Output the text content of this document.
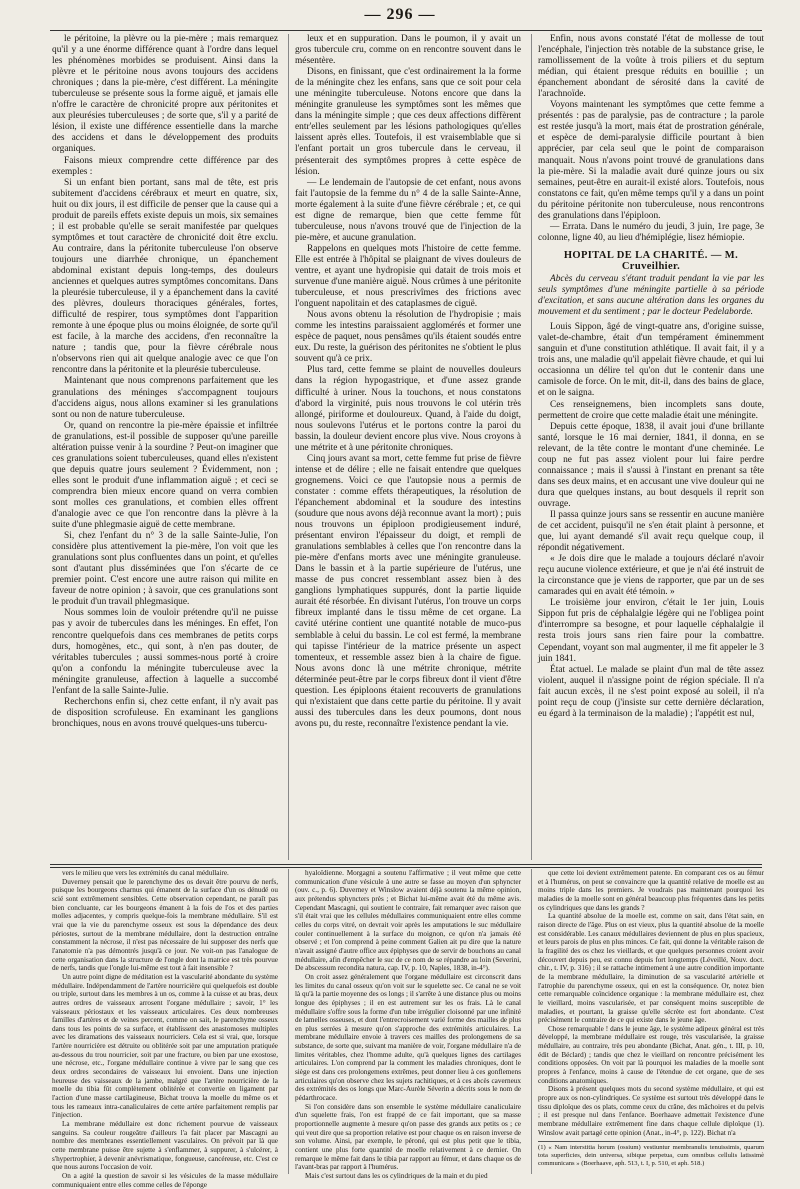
— 296 —

le péritoine, la plèvre ou la pie-mère ; mais remarquez qu'il y a une énorme différence quant à l'ordre dans lequel les phénomènes morbides se produisent. Ainsi dans la plèvre et le péritoine nous avons toujours des accidens chroniques ; dans la pie-mère, c'est différent. La méningite tuberculeuse se présente sous la forme aiguë, et jamais elle n'offre le caractère de chronicité propre aux péritonites et aux pleurésies tuberculeuses ; de sorte que, s'il y a parité de lésion, il existe une différence essentielle dans la marche des accidens et dans le développement des produits organiques.

Faisons mieux comprendre cette différence par des exemples :

Si un enfant bien portant, sans mal de tête, est pris subitement d'accidens cérébraux et meurt en quatre, six, huit ou dix jours, il est difficile de penser que la cause qui a produit de pareils effets existe depuis un mois, six semaines ; il est probable qu'elle se serait manifestée par quelques symptômes et tout caractère de chronicité doit être exclu. Au contraire, dans la péritonite tuberculeuse l'on observe toujours une diarrhée chronique, un épanchement abdominal existant depuis long-temps, des douleurs anciennes et quelques autres symptômes concomitans. Dans la pleurésie tuberculeuse, il y a épanchement dans la cavité des plèvres, douleurs thoraciques générales, fortes, difficulté de respirer, tous symptômes dont l'apparition remonte à une époque plus ou moins éloignée, de sorte qu'il est facile, à la marche des accidens, d'en reconnaître la nature ; tandis que, pour la fièvre cérébrale nous n'observons rien qui ait quelque analogie avec ce que l'on rencontre dans la péritonite et la pleurésie tuberculeuse.

Maintenant que nous comprenons parfaitement que les granulations des méninges s'accompagnent toujours d'accidens aigus, nous allons examiner si les granulations sont ou non de nature tuberculeuse.

Or, quand on rencontre la pie-mère épaissie et infiltrée de granulations, est-il possible de supposer qu'une pareille altération puisse venir à la sourdine ? Peut-on imaginer que ces granulations soient tuberculeuses, quand elles n'existent que depuis quatre jours seulement ? Évidemment, non ; elles sont le produit d'une inflammation aiguë ; et ceci se comprendra bien mieux encore quand on verra combien sont molles ces granulations, et combien elles offrent d'analogie avec ce que l'on rencontre dans la plèvre à la suite d'une phlegmasie aiguë de cette membrane.

Si, chez l'enfant du n° 3 de la salle Sainte-Julie, l'on considère plus attentivement la pie-mère, l'on voit que les granulations sont plus confluentes dans un point, et qu'elles sont d'autant plus disséminées que l'on s'écarte de ce premier point. C'est encore une autre raison qui milite en faveur de notre opinion ; à savoir, que ces granulations sont le produit d'un travail phlegmasique.

Nous sommes loin de vouloir prétendre qu'il ne puisse pas y avoir de tubercules dans les méninges. En effet, l'on rencontre quelquefois dans ces membranes de petits corps durs, homogènes, etc., qui sont, à n'en pas douter, de véritables tubercules ; aussi sommes-nous porté à croire qu'on a confondu la méningite tuberculeuse avec la méningite granuleuse, affection à laquelle a succombé l'enfant de la salle Sainte-Julie.

Recherchons enfin si, chez cette enfant, il n'y avait pas de disposition scrofuleuse. En examinant les ganglions bronchiques, nous en avons trouvé quelques-uns tubercu-

leux et en suppuration. Dans le poumon, il y avait un gros tubercule cru, comme on en rencontre souvent dans le mésentère.

Disons, en finissant, que c'est ordinairement la la forme de la méningite chez les enfans, sans que ce soit pour cela une méningite tuberculeuse. Notons encore que dans la méningite granuleuse les symptômes sont les mêmes que dans la méningite simple ; que ces deux affections diffèrent entr'elles seulement par les lésions pathologiques qu'elles laissent après elles. Toutefois, il est vraisemblable que si l'enfant portait un gros tubercule dans le cerveau, il présenterait des symptômes propres à cette espèce de lésion.

— Le lendemain de l'autopsie de cet enfant, nous avons fait l'autopsie de la femme du n° 4 de la salle Sainte-Anne, morte également à la suite d'une fièvre cérébrale ; et, ce qui est digne de remarque, bien que cette femme fût tuberculeuse, nous n'avons trouvé que de l'injection de la pie-mère, et aucune granulation.

Rappelons en quelques mots l'histoire de cette femme. Elle est entrée à l'hôpital se plaignant de vives douleurs de ventre, et ayant une hydropisie qui datait de trois mois et survenue d'une manière aiguë. Nous crûmes à une péritonite tuberculeuse, et nous prescrivîmes des frictions avec l'onguent napolitain et des cataplasmes de ciguë.

Nous avons obtenu la résolution de l'hydropisie ; mais comme les intestins paraissaient agglomérés et former une espèce de paquet, nous pensâmes qu'ils étaient soudés entre eux. Du reste, la guérison des péritonites ne s'obtient le plus souvent qu'à ce prix.

Plus tard, cette femme se plaint de nouvelles douleurs dans la région hypogastrique, et d'une assez grande difficulté à uriner. Nous la touchons, et nous constatons d'abord la virginité, puis nous trouvons le col utérin très allongé, piriforme et douloureux. Quand, à l'aide du doigt, nous soulevons l'utérus et le portons contre la paroi du bassin, la douleur devient encore plus vive. Nous croyons à une métrite et à une péritonite chroniques.

Cinq jours avant sa mort, cette femme fut prise de fièvre intense et de délire ; elle ne faisait entendre que quelques grognemens. Voici ce que l'autopsie nous a permis de constater : comme effets thérapeutiques, la résolution de l'épanchement abdominal et la soudure des intestins (soudure que nous avons déjà reconnue avant la mort) ; puis nous trouvons un épiploon prodigieusement induré, présentant environ l'épaisseur du doigt, et rempli de granulations semblables à celles que l'on rencontre dans la pie-mère d'enfans morts avec une méningite granuleuse. Dans le bassin et à la partie supérieure de l'utérus, une masse de pus concret ressemblant assez bien à des ganglions lymphatiques suppurés, dont la partie liquide aurait été résorbée. En divisant l'utérus, l'on trouve un corps fibreux implanté dans le tissu même de cet organe. La cavité utérine contient une quantité notable de muco-pus semblable à celui du bassin. Le col est fermé, la membrane qui tapisse l'intérieur de la matrice présente un aspect tomenteux, et ressemble assez bien à la chaire de figue. Nous avons donc là une métrite chronique, métrite déterminée peut-être par le corps fibreux dont il vient d'être question. Les épiploons étaient recouverts de granulations qui n'existaient que dans cette partie du péritoine. Il y avait aussi des tubercules dans les deux poumons, dont nous avons pu, du reste, reconnaître l'existence pendant la vie.

Enfin, nous avons constaté l'état de mollesse de tout l'encéphale, l'injection très notable de la substance grise, le ramollissement de la voûte à trois piliers et du septum médian, qui étaient presque réduits en bouillie ; un épanchement abondant de sérosité dans la cavité de l'arachnoïde.

Voyons maintenant les symptômes que cette femme a présentés : pas de paralysie, pas de contracture ; la parole est restée jusqu'à la mort, mais état de prostration générale, et espèce de demi-paralysie difficile pourtant à bien apprécier, par cela seul que le point de comparaison manquait. Nous n'avons point trouvé de granulations dans la pie-mère. Si la maladie avait duré quinze jours ou six semaines, peut-être en aurait-il existé alors. Toutefois, nous constatons ce fait, qu'en même temps qu'il y a dans un point du péritoine péritonite non tuberculeuse, nous rencontrons des granulations dans l'épiploon.

— Errata. Dans le numéro du jeudi, 3 juin, 1re page, 3e colonne, ligne 40, au lieu d'hémiplégie, lisez hémiopie.

HOPITAL DE LA CHARITÉ. — M. Cruveilhier.

Abcès du cerveau s'étant traduit pendant la vie par les seuls symptômes d'une méningite partielle à sa période d'excitation, et sans aucune altération dans les organes du mouvement et du sentiment ; par le docteur Pedelaborde.

Louis Sippon, âgé de vingt-quatre ans, d'origine suisse, valet-de-chambre, était d'un tempérament éminemment sanguin et d'une constitution athlétique. Il avait fait, il y a trois ans, une maladie qu'il appelait fièvre chaude, et qui lui occasionna un délire tel qu'on dut le contenir dans une camisole de force. On le mit, dit-il, dans des bains de glace, et on le saigna.

Ces renseignemens, bien incomplets sans doute, permettent de croire que cette maladie était une méningite.

Depuis cette époque, 1838, il avait joui d'une brillante santé, lorsque le 16 mai dernier, 1841, il donna, en se relevant, de la tête contre le montant d'une cheminée. Le coup ne fut pas assez violent pour lui faire perdre connaissance ; mais il s'aussi à l'instant en prenant sa tête dans ses deux mains, et en accusant une vive douleur qui ne dura que quelques instans, au bout desquels il reprit son ouvrage.

Il passa quinze jours sans se ressentir en aucune manière de cet accident, puisqu'il ne s'en était plaint à personne, et que, lui ayant demandé s'il avait reçu quelque coup, il répondit négativement.

« Je dois dire que le malade a toujours déclaré n'avoir reçu aucune violence extérieure, et que je n'ai été instruit de la circonstance que je viens de rapporter, que par un de ses camarades qui en avait été témoin. »

Le troisième jour environ, c'était le 1er juin, Louis Sippon fut pris de céphalalgie légère qui ne l'obligea point d'interrompre sa besogne, et pour laquelle céphalalgie il resta trois jours sans rien faire pour la combattre. Cependant, voyant son mal augmenter, il me fit appeler le 3 juin 1841.

État actuel. Le malade se plaint d'un mal de tête assez violent, auquel il n'assigne point de région spéciale. Il n'a fait aucun excès, il ne s'est point exposé au soleil, il n'a point reçu de coup (j'insiste sur cette dernière déclaration, eu égard à la terminaison de la maladie) ; l'appétit est nul,

vers le milieu que vers les extrémités du canal médullaire.

Duverney pensait que le parenchyme des os devait être pourvu de nerfs, puisque les bourgeons charnus qui émanent de la surface d'un os dénudé ou scié sont extrêmement sensibles. Cette observation cependant, ne paraît pas bien concluante, car les bourgeons émanent à la fois de l'os et des parties molles adjacentes, y compris quelque-fois la membrane médullaire. S'il est vrai que la vie du parenchyme osseux est sous la dépendance des deux périostes, surtout de la membrane médullaire, dont la destruction entraîne constamment la nécrose, il n'est pas nécessaire de lui supposer des nerfs que l'anatomie n'a pas démontrés jusqu'à ce jour. Ne voit-on pas l'analogue de cette organisation dans la structure de l'ongle dont la matrice est très pourvue de nerfs, tandis que l'ongle lui-même est tout à fait insensible ?

Un autre point digne de méditation est la vascularité abondante du système médullaire. Indépendamment de l'artère nourricière qui quelquefois est double ou triple, surtout dans les membres à un os, comme à la cuisse et au bras, deux autres ordres de vaisseaux arrosent l'organe médullaire ; savoir, 1° les vaisseaux périostaux et les vaisseaux articulaires. Ces deux nombreuses familles d'artères et de veines percent, comme on sait, le parenchyme osseux dans tous les points de sa surface, et établissent des anastomoses multiples avec les diramations des vaisseaux nourriciers. Cela est si vrai, que, lorsque l'artère nourricière est détruite ou oblitérée soit par une amputation pratiquée au-dessous du trou nourricier, soit par une fracture, ou bien par une exostose, une nécrose, etc., l'organe médullaire continue à vivre par le sang que ces deux ordres secondaires de vaisseaux lui envoient. Dans une injection heureuse des vaisseaux de la jambe, malgré que l'artère nourricière de la moelle du tibia fût complètement oblitérée et convertie en ligament par l'action d'une masse cartilagineuse, Bichat trouva la moelle du même os et tous les rameaux intra-canaliculaires de cette artère parfaitement remplis par l'injection.

La membrane médullaire est donc richement pourvue de vaisseaux sanguins. Sa couleur rougeâtre d'ailleurs l'a fait placer par Mascagni au nombre des membranes essentiellement vasculaires. On prévoit par là que cette membrane puisse être sujette à s'enflammer, à suppurer, à s'ulcérer, à s'hypertrophier, à devenir anévrismatique, fongueuse, cancéreuse, etc. C'est ce que nous aurons l'occasion de voir.

On a agité la question de savoir si les vésicules de la masse médullaire communiquaient entre elles comme celles de l'éponge

hyaloïdienne. Morgagni a soutenu l'affirmative ; il veut même que cette communication d'une vésicule à une autre se fasse au moyen d'un sphyncter (ouv. c., p. 6). Duverney et Winslow avaient déjà soutenu la même opinion, aux prétendus sphyncters près ; et Bichat lui-même avait été du même avis. Cependant Mascagni, qui soutient le contraire, fait remarquer avec raison que s'il était vrai que les cellules médullaires communiquaient entre elles comme celles du corps vitré, on devrait voir après les amputations le suc médullaire couler continuellement à la surface du moignon, ce qu'on n'a jamais été observé ; et l'on comprend à peine comment Galien ait pu dire que la nature n'avait assigné d'autre office aux épiphyses que de servir de bouchons au canal médullaire, afin d'empêcher le suc de ce nom de se répandre au loin (Severini, De abscessum recondita natura, cap. IV, p. 10, Naples, 1838, in-4°).

On croit assez généralement que l'organe médullaire est circonscrit dans les limites du canal osseux qu'on voit sur le squelette sec. Ce canal ne se voit là qu'à la partie moyenne des os longs ; il s'arrête à une distance plus ou moins longue des épiphyses ; il en est autrement sur les os frais. Là le canal médullaire s'offre sous la forme d'un tube irrégulier cloisonné par une infinité de lamelles osseuses, et dont l'entrecroisement varié forme des mailles de plus en plus serrées à mesure qu'on s'approche des extrémités articulaires. La membrane médullaire envoie à travers ces mailles des prolongemens de sa substance, de sorte que, suivant ma manière de voir, l'organe médullaire n'a de limites véritables, chez l'homme adulte, qu'à quelques lignes des cartilages articulaires. L'on comprend par la comment les maladies chroniques, dont le siège est dans ces prolongemens extrêmes, peut donner lieu à ces gonflemens articulaires qu'on observe chez les sujets rachitiques, et à ces abcès caverneux des extrémités des os longs que Marc-Aurèle Séverin a décrits sous le nom de pédarthrocace.

Si l'on considère dans son ensemble le système médullaire canaliculaire d'un squelette frais, l'on est frappé de ce fait important, que sa masse proportionnelle augmente à mesure qu'on passe des grands aux petits os ; ce qui veut dire que sa proportion relative est pour chaque os en raison inverse de son volume. Ainsi, par exemple, le péroné, qui est plus petit que le tibia, contient une plus forte quantité de moelle relativement à ce dernier. On remarque le même fait dans le tibia par rapport au fémur, et dans chaque os de l'avant-bras par rapport à l'humérus.

Mais c'est surtout dans les os cylindriques de la main et du pied

que cette loi devient extrêmement patente. En comparant ces os au fémur et à l'humérus, on peut se convaincre que la quantité relative de moelle est au moins triple dans les premiers. Je voudrais pas maintenant pourquoi les maladies de la moelle sont en général beaucoup plus fréquentes dans les petits os cylindriques que dans les grands ?

La quantité absolue de la moelle est, comme on sait, dans l'état sain, en raison directe de l'âge. Plus on est vieux, plus la quantité absolue de la moelle est considérable. Les canaux médullaires deviennent de plus en plus spacieux, et leurs parois de plus en plus minces. Ce fait, qui donne la véritable raison de la fragilité des os chez les vieillards, et que quelques personnes croient avoir découvert depuis peu, est connu depuis fort longtemps (Léveillé, Nouv. doct. chir., t. IV, p. 316) ; il se rattache intimement à une autre condition importante de la membrane médullaire, la diminution de sa vascularité artérielle et l'atrophie du parenchyme osseux, qui en est la conséquence. Or, notez bien cette remarquable coïncidence organique : la membrane médullaire est, chez le vieillard, moins vascularisée, et par conséquent moins susceptible de maladies, et pourtant, la graisse qu'elle sécrète est fort abondante. C'est précisément le contraire de ce qui existe dans le jeune âge.

Chose remarquable ! dans le jeune âge, le système adipeux général est très développé, la membrane médullaire est rouge, très vascularisée, la graisse médullaire, au contraire, très peu abondante (Bichat, Anat. gén., t. III, p. 10, édit de Béclard) ; tandis que chez le vieillard on rencontre précisément les conditions opposées. On voit par là pourquoi les maladies de la moelle sont propres à l'enfance, moins à cause de l'étendue de cet organe, que de ses conditions anatomiques.

Disons à présent quelques mots du second système médullaire, et qui est propre aux os non-cylindriques. Ce système est surtout très développé dans le tissu diploïque des os plats, comme ceux du crâne, des mâchoires et du pelvis ; il est presque nul dans l'enfance. Boerhaave admettait l'existence d'une membrane médullaire extrêmement fine dans chaque cellule diploïque (1). Winslow avait partagé cette opinion (Anat., in-4°, p. 122). Bichat n'a

(1) « Nam interstitia horum (ossium) vestiuntur membranulis tenuissimis, quarum tota superficies, dein universa, sibique perpetua, cum omnibus cellulis latissimè communicans » (Boerhaave, aph. 513, t. I, p. 510, et aph. 518.)
